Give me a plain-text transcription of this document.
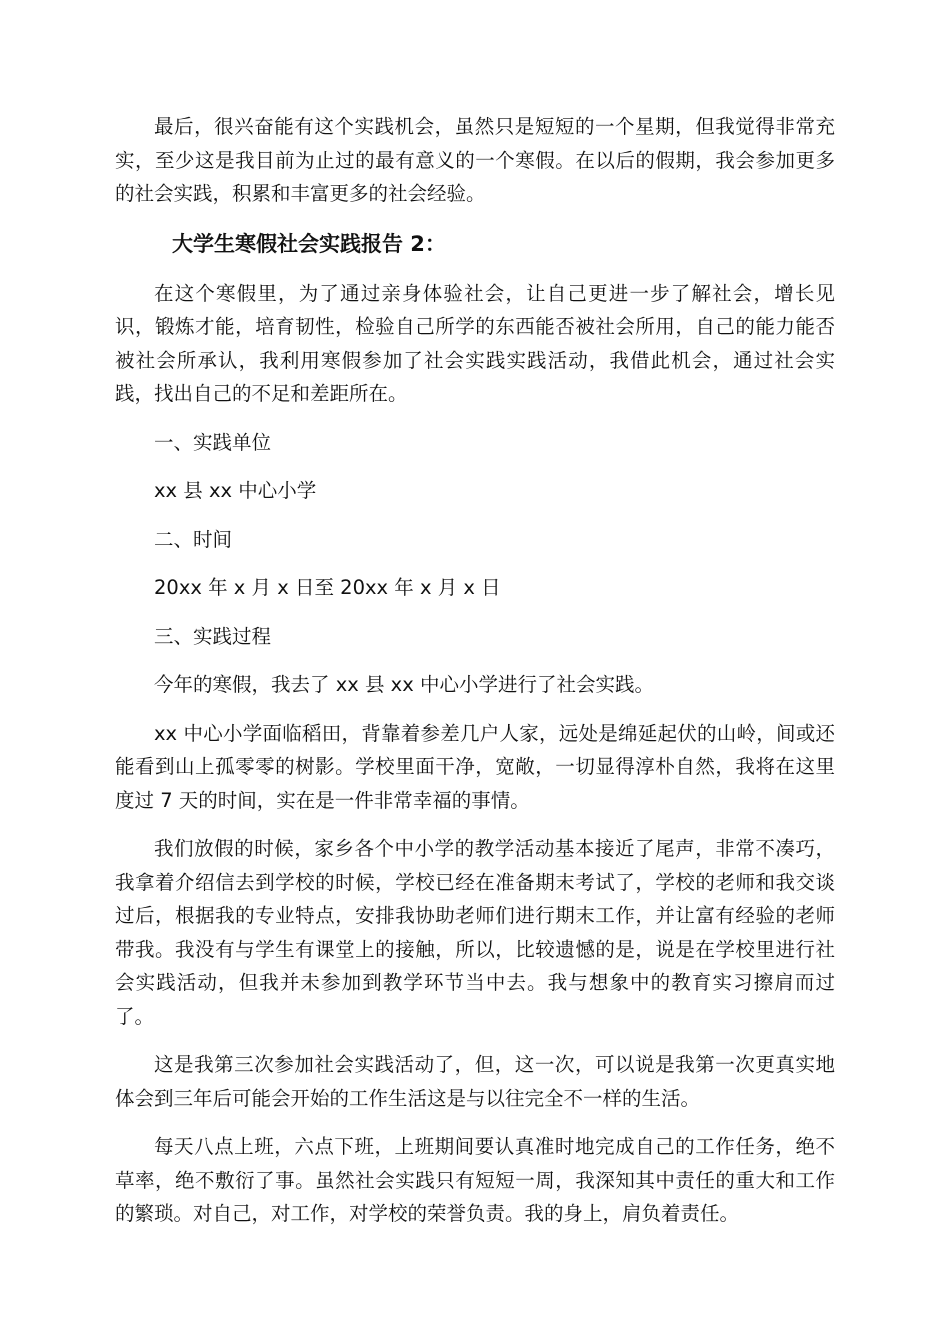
最后，很兴奋能有这个实践机会，虽然只是短短的一个星期，但我觉得非常充实，至少这是我目前为止过的最有意义的一个寒假。在以后的假期，我会参加更多的社会实践，积累和丰富更多的社会经验。

大学生寒假社会实践报告 2：

在这个寒假里，为了通过亲身体验社会，让自己更进一步了解社会，增长见识，锻炼才能，培育韧性，检验自己所学的东西能否被社会所用，自己的能力能否被社会所承认，我利用寒假参加了社会实践实践活动，我借此机会，通过社会实践，找出自己的不足和差距所在。

一、实践单位

xx 县 xx 中心小学

二、时间

20xx 年 x 月 x 日至 20xx 年 x 月 x 日

三、实践过程

今年的寒假，我去了 xx 县 xx 中心小学进行了社会实践。

xx 中心小学面临稻田，背靠着参差几户人家，远处是绵延起伏的山岭，间或还能看到山上孤零零的树影。学校里面干净，宽敞，一切显得淳朴自然，我将在这里度过 7 天的时间，实在是一件非常幸福的事情。

我们放假的时候，家乡各个中小学的教学活动基本接近了尾声，非常不凑巧，我拿着介绍信去到学校的时候，学校已经在准备期末考试了，学校的老师和我交谈过后，根据我的专业特点，安排我协助老师们进行期末工作，并让富有经验的老师带我。我没有与学生有课堂上的接触，所以，比较遗憾的是，说是在学校里进行社会实践活动，但我并未参加到教学环节当中去。我与想象中的教育实习擦肩而过了。

这是我第三次参加社会实践活动了，但，这一次，可以说是我第一次更真实地体会到三年后可能会开始的工作生活这是与以往完全不一样的生活。

每天八点上班，六点下班，上班期间要认真准时地完成自己的工作任务，绝不草率，绝不敷衍了事。虽然社会实践只有短短一周，我深知其中责任的重大和工作的繁琐。对自己，对工作，对学校的荣誉负责。我的身上，肩负着责任。
